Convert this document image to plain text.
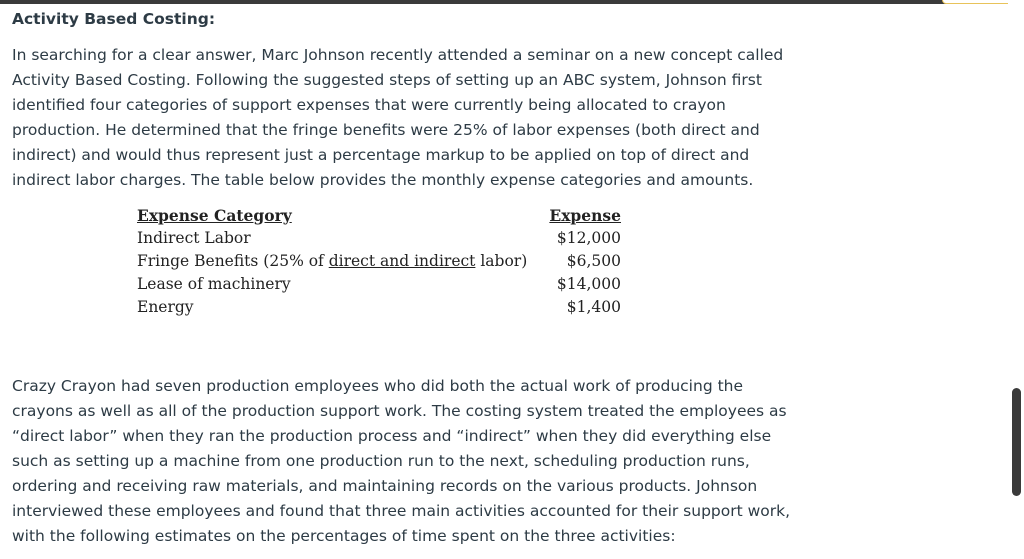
Activity Based Costing:

In searching for a clear answer, Marc Johnson recently attended a seminar on a new concept called
Activity Based Costing. Following the suggested steps of setting up an ABC system, Johnson first
identified four categories of support expenses that were currently being allocated to crayon
production. He determined that the fringe benefits were 25% of labor expenses (both direct and
indirect) and would thus represent just a percentage markup to be applied on top of direct and
indirect labor charges. The table below provides the monthly expense categories and amounts.

Expense Category	Expense
Indirect Labor	$12,000
Fringe Benefits (25% of direct and indirect labor)	$6,500
Lease of machinery	$14,000
Energy	$1,400

Crazy Crayon had seven production employees who did both the actual work of producing the
crayons as well as all of the production support work. The costing system treated the employees as
“direct labor” when they ran the production process and “indirect” when they did everything else
such as setting up a machine from one production run to the next, scheduling production runs,
ordering and receiving raw materials, and maintaining records on the various products. Johnson
interviewed these employees and found that three main activities accounted for their support work,
with the following estimates on the percentages of time spent on the three activities:
